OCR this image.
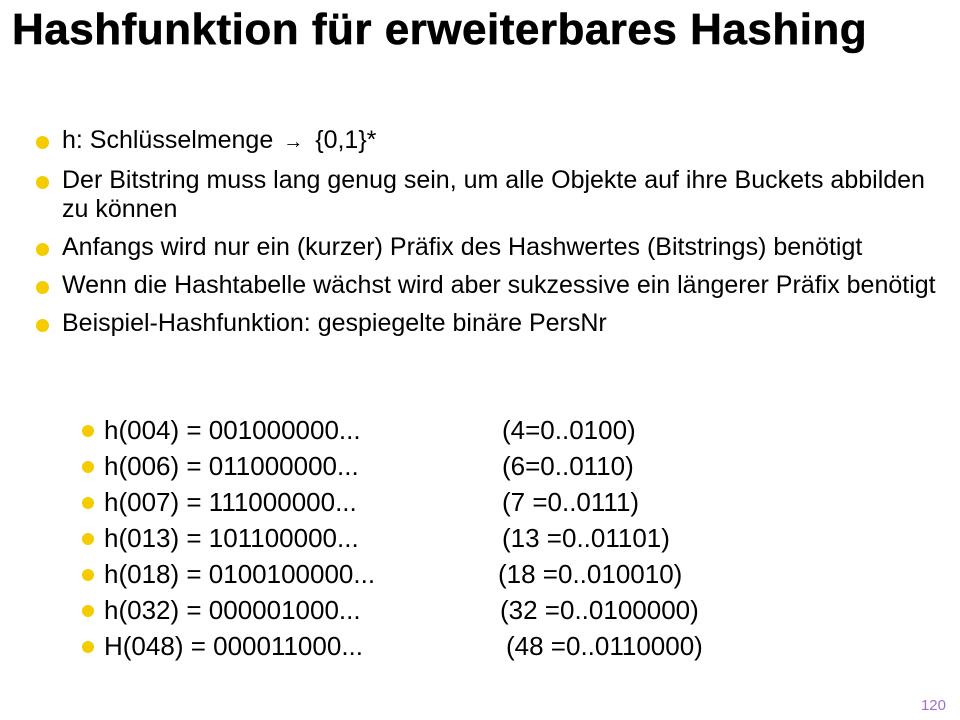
Hashfunktion für erweiterbares Hashing
h: Schlüsselmenge → {0,1}*
Der Bitstring muss lang genug sein, um alle Objekte auf ihre Buckets abbilden zu können
Anfangs wird nur ein (kurzer) Präfix des Hashwertes (Bitstrings) benötigt
Wenn die Hashtabelle wächst wird aber sukzessive ein längerer Präfix benötigt
Beispiel-Hashfunktion: gespiegelte binäre PersNr
h(004) = 001000000...	(4=0..0100)
h(006) = 011000000...	(6=0..0110)
h(007) = 111000000...	(7 =0..0111)
h(013) = 101100000...	(13 =0..01101)
h(018) = 0100100000...	(18 =0..010010)
h(032) = 000001000...	(32 =0..0100000)
H(048) = 000011000...	(48 =0..0110000)
120
